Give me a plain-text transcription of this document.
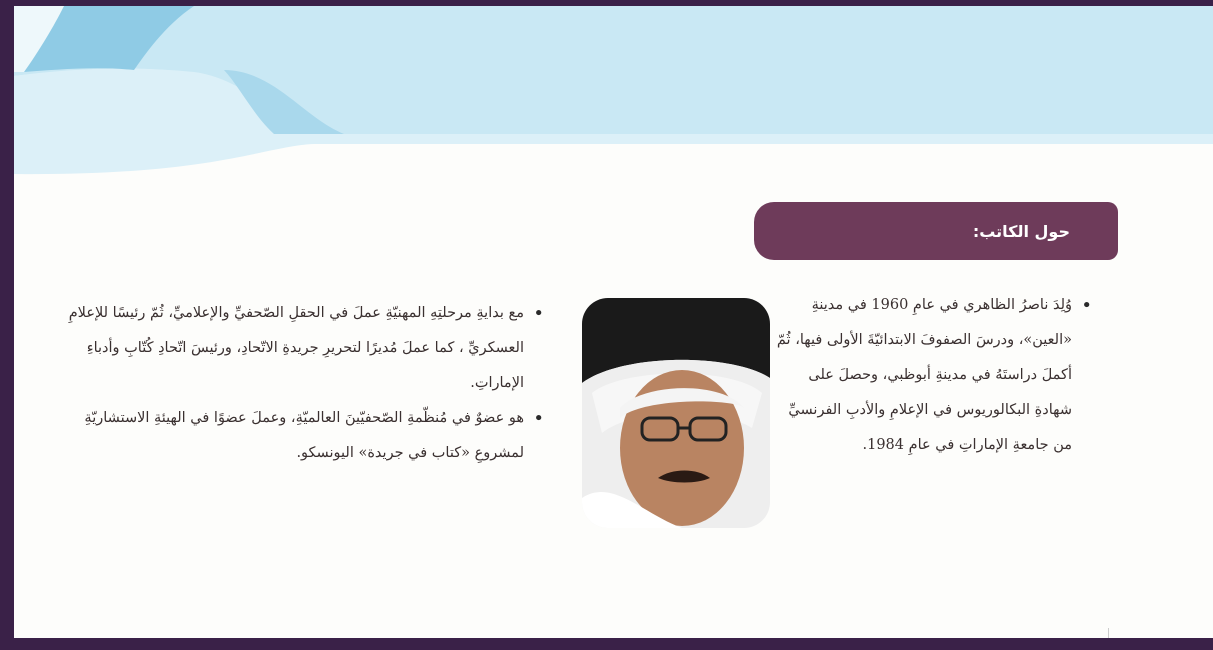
حول الكاتب:
• وُلِدَ ناصرُ الظاهري في عامِ 1960 في مدينةِ «العين»، ودرسَ الصفوفَ الابتدائيّةَ الأولى فيها، ثُمّ أكملَ دراستَهُ في مدينةِ أبوظبي، وحصلَ على شهادةِ البكالوريوس في الإعلامِ والأدبِ الفرنسيِّ من جامعةِ الإماراتِ في عامِ 1984.
• مع بدايةِ مرحلتِهِ المهنيّةِ عملَ في الحقلِ الصّحفيِّ والإعلاميِّ، ثُمّ رئيسًا للإعلامِ العسكريِّ ، كما عملَ مُديرًا لتحريرِ جريدةِ الاتّحادِ، ورئيسَ اتّحادِ كُتّابِ وأدباءِ الإماراتِ.
• هو عضوٌ في مُنظّمةِ الصّحفيّينَ العالميّةِ، وعملَ عضوًا في الهيئةِ الاستشاريّةِ لمشروعِ «كتاب في جريدة» اليونسكو.
